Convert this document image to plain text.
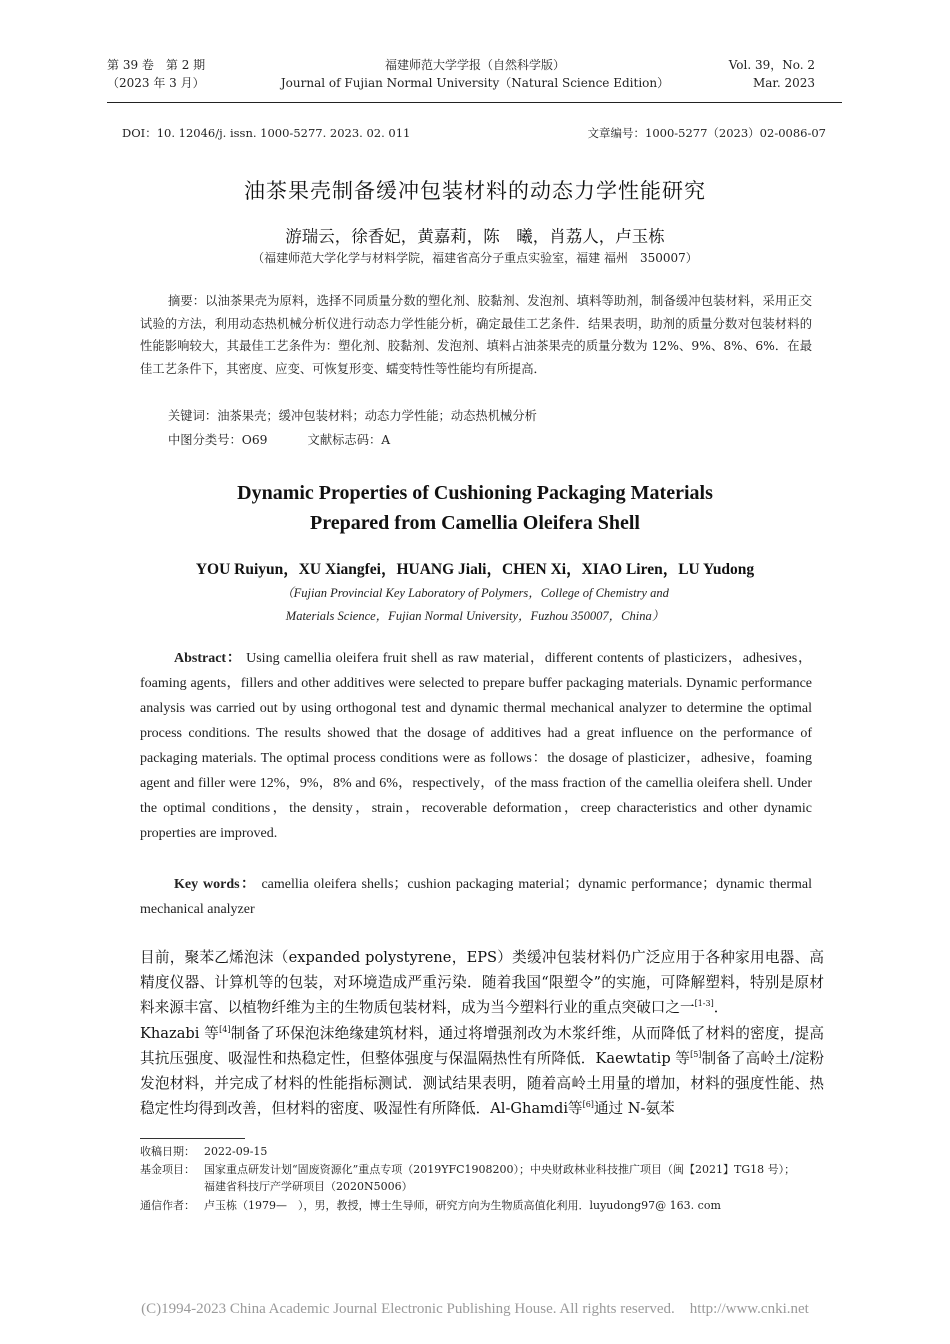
第 39 卷　第 2 期
（2023 年 3 月）
福建师范大学学报（自然科学版）
Journal of Fujian Normal University（Natural Science Edition）
Vol. 39，No. 2
Mar. 2023
DOI：10. 12046/j. issn. 1000-5277. 2023. 02. 011	文章编号：1000-5277（2023）02-0086-07
油茶果壳制备缓冲包装材料的动态力学性能研究
游瑞云，徐香妃，黄嘉莉，陈　曦，肖荔人，卢玉栋
（福建师范大学化学与材料学院，福建省高分子重点实验室，福建 福州　350007）
摘要：以油茶果壳为原料，选择不同质量分数的塑化剂、胶黏剂、发泡剂、填料等助剂，制备缓冲包装材料，采用正交试验的方法，利用动态热机械分析仪进行动态力学性能分析，确定最佳工艺条件．结果表明，助剂的质量分数对包装材料的性能影响较大，其最佳工艺条件为：塑化剂、胶黏剂、发泡剂、填料占油茶果壳的质量分数为 12%、9%、8%、6%．在最佳工艺条件下，其密度、应变、可恢复形变、蠕变特性等性能均有所提高．
关键词：油茶果壳；缓冲包装材料；动态力学性能；动态热机械分析
中图分类号：O69	文献标志码：A
Dynamic Properties of Cushioning Packaging Materials
Prepared from Camellia Oleifera Shell
YOU Ruiyun，XU Xiangfei，HUANG Jiali，CHEN Xi，XIAO Liren，LU Yudong
（Fujian Provincial Key Laboratory of Polymers，College of Chemistry and
Materials Science，Fujian Normal University，Fuzhou 350007，China）
Abstract： Using camellia oleifera fruit shell as raw material，different contents of plasticizers，adhesives，foaming agents，fillers and other additives were selected to prepare buffer packaging materials. Dynamic performance analysis was carried out by using orthogonal test and dynamic thermal mechanical analyzer to determine the optimal process conditions. The results showed that the dosage of additives had a great influence on the performance of packaging materials. The optimal process conditions were as follows：the dosage of plasticizer，adhesive，foaming agent and filler were 12%，9%，8% and 6%，respectively，of the mass fraction of the camellia oleifera shell. Under the optimal conditions，the density，strain，recoverable deformation，creep characteristics and other dynamic properties are improved.
Key words： camellia oleifera shells；cushion packaging material；dynamic performance；dynamic thermal mechanical analyzer

目前，聚苯乙烯泡沫（expanded polystyrene，EPS）类缓冲包装材料仍广泛应用于各种家用电器、高精度仪器、计算机等的包装，对环境造成严重污染．随着我国“限塑令”的实施，可降解塑料，特别是原材料来源丰富、以植物纤维为主的生物质包装材料，成为当今塑料行业的重点突破口之一[1-3]．

Khazabi 等[4]制备了环保泡沫绝缘建筑材料，通过将增强剂改为木浆纤维，从而降低了材料的密度，提高其抗压强度、吸湿性和热稳定性，但整体强度与保温隔热性有所降低．Kaewtatip 等[5]制备了高岭土/淀粉发泡材料，并完成了材料的性能指标测试．测试结果表明，随着高岭土用量的增加，材料的强度性能、热稳定性均得到改善，但材料的密度、吸湿性有所降低．Al-Ghamdi等[6]通过 N-氨苯

收稿日期： 2022-09-15
基金项目： 国家重点研发计划“固废资源化”重点专项（2019YFC1908200）；中央财政林业科技推广项目（闽【2021】TG18 号）；
福建省科技厅产学研项目（2020N5006）
通信作者： 卢玉栋（1979—　），男，教授，博士生导师，研究方向为生物质高值化利用．luyudong97@ 163. com
(C)1994-2023 China Academic Journal Electronic Publishing House. All rights reserved.　http://www.cnki.net
